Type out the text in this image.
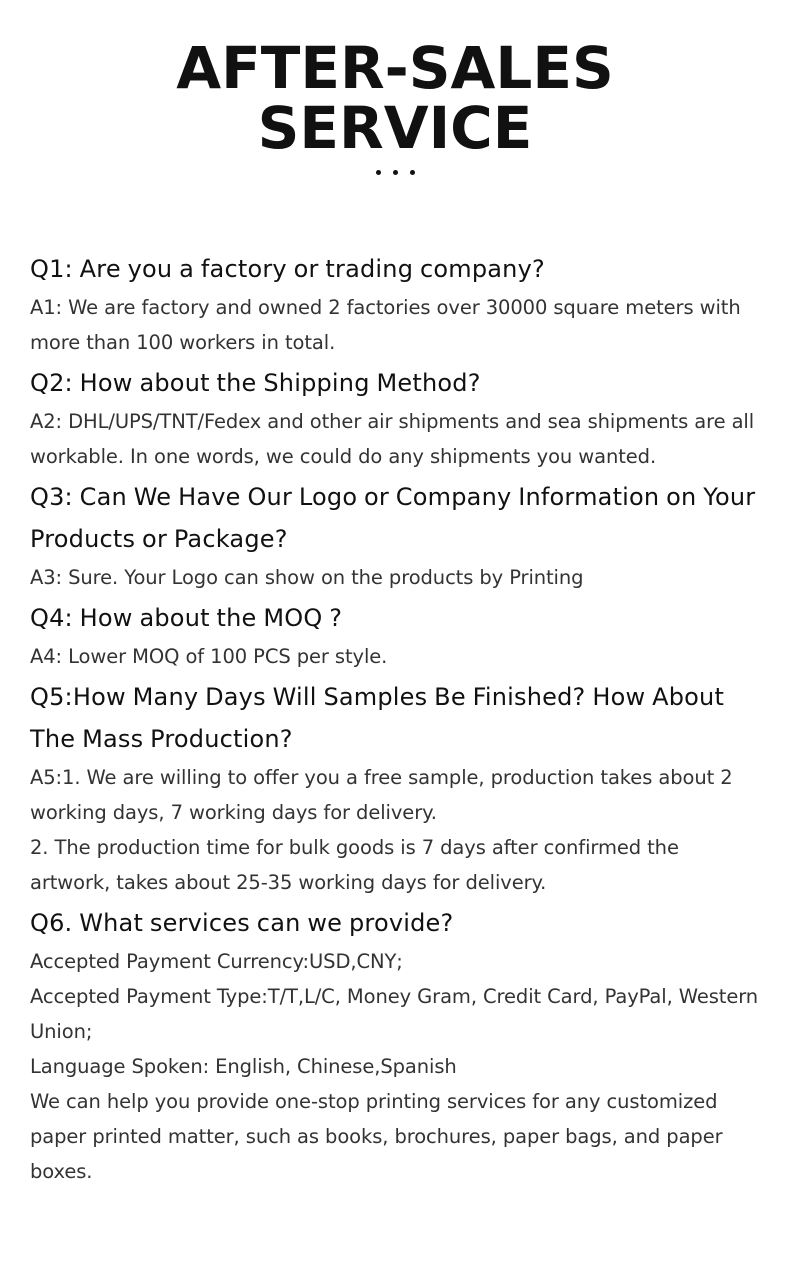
AFTER-SALES
SERVICE
Q1: Are you a factory or trading company?

A1: We are factory and owned 2 factories over 30000 square meters with more than 100 workers in total.

Q2: How about the Shipping Method?

A2: DHL/UPS/TNT/Fedex and other air shipments and sea shipments are all workable. In one words, we could do any shipments you wanted.

Q3: Can We Have Our Logo or Company Information on Your Products or Package?

A3: Sure. Your Logo can show on the products by Printing

Q4: How about the MOQ ?

A4: Lower MOQ of 100 PCS per style.

Q5:How Many Days Will Samples Be Finished? How About The Mass Production?

A5:1. We are willing to offer you a free sample, production takes about 2 working days, 7 working days for delivery.
2. The production time for bulk goods is 7 days after confirmed the artwork, takes about 25-35 working days for delivery.

Q6. What services can we provide?

Accepted Payment Currency:USD,CNY;
Accepted Payment Type:T/T,L/C, Money Gram, Credit Card, PayPal, Western Union;
Language Spoken: English, Chinese,Spanish
We can help you provide one-stop printing services for any customized paper printed matter, such as books, brochures, paper bags, and paper boxes.
